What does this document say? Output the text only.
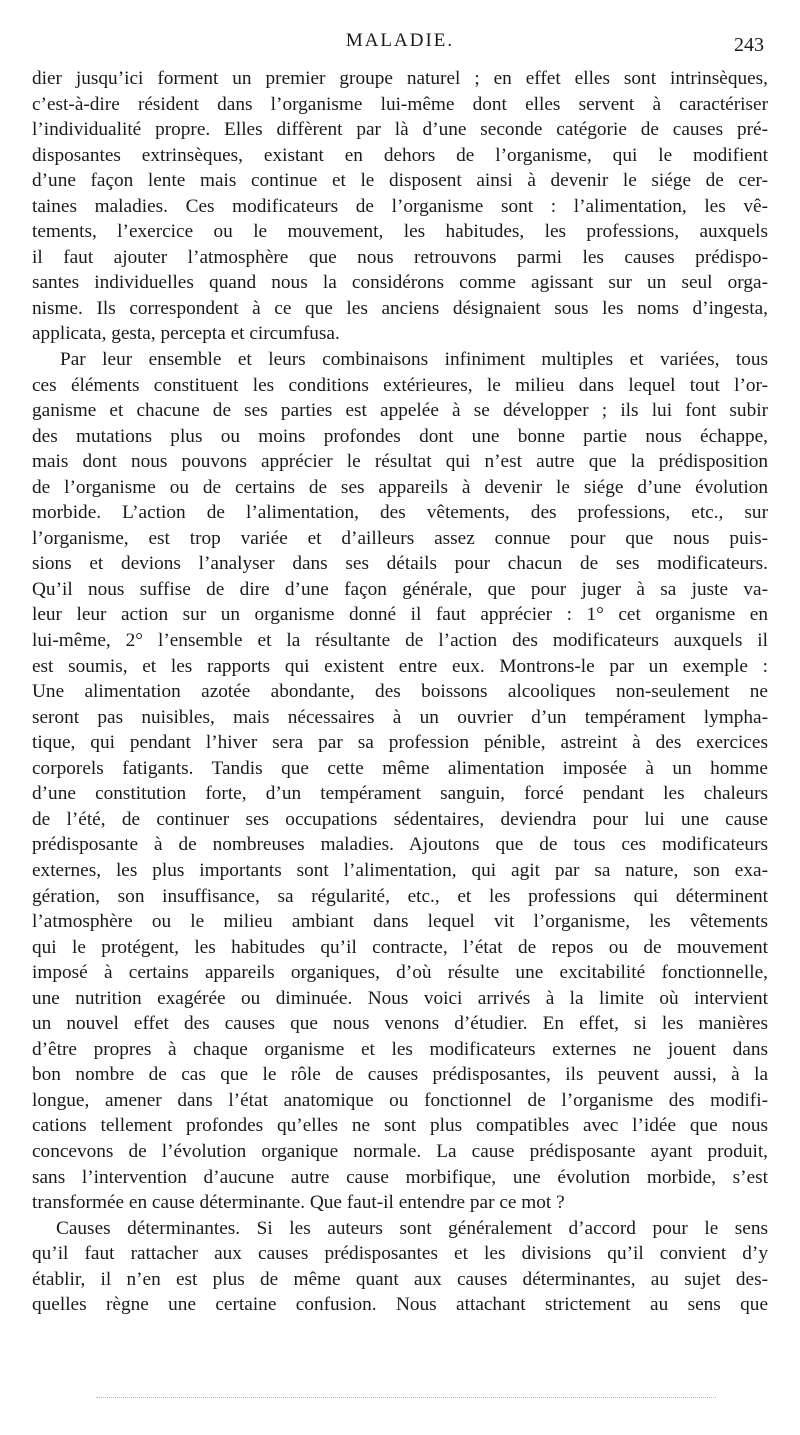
MALADIE.	243
dier jusqu’ici forment un premier groupe naturel ; en effet elles sont intrinsèques,
c’est-à-dire résident dans l’organisme lui-même dont elles servent à caractériser
l’individualité propre. Elles diffèrent par là d’une seconde catégorie de causes pré-
disposantes extrinsèques, existant en dehors de l’organisme, qui le modifient
d’une façon lente mais continue et le disposent ainsi à devenir le siége de cer-
taines maladies. Ces modificateurs de l’organisme sont : l’alimentation, les vê-
tements, l’exercice ou le mouvement, les habitudes, les professions, auxquels
il faut ajouter l’atmosphère que nous retrouvons parmi les causes prédispo-
santes individuelles quand nous la considérons comme agissant sur un seul orga-
nisme. Ils correspondent à ce que les anciens désignaient sous les noms d’ingesta,
applicata, gesta, percepta et circumfusa.
Par leur ensemble et leurs combinaisons infiniment multiples et variées, tous
ces éléments constituent les conditions extérieures, le milieu dans lequel tout l’or-
ganisme et chacune de ses parties est appelée à se développer ; ils lui font subir
des mutations plus ou moins profondes dont une bonne partie nous échappe,
mais dont nous pouvons apprécier le résultat qui n’est autre que la prédisposition
de l’organisme ou de certains de ses appareils à devenir le siége d’une évolution
morbide. L’action de l’alimentation, des vêtements, des professions, etc., sur
l’organisme, est trop variée et d’ailleurs assez connue pour que nous puis-
sions et devions l’analyser dans ses détails pour chacun de ses modificateurs.
Qu’il nous suffise de dire d’une façon générale, que pour juger à sa juste va-
leur leur action sur un organisme donné il faut apprécier : 1° cet organisme en
lui-même, 2° l’ensemble et la résultante de l’action des modificateurs auxquels il
est soumis, et les rapports qui existent entre eux. Montrons-le par un exemple :
Une alimentation azotée abondante, des boissons alcooliques non-seulement ne
seront pas nuisibles, mais nécessaires à un ouvrier d’un tempérament lympha-
tique, qui pendant l’hiver sera par sa profession pénible, astreint à des exercices
corporels fatigants. Tandis que cette même alimentation imposée à un homme
d’une constitution forte, d’un tempérament sanguin, forcé pendant les chaleurs
de l’été, de continuer ses occupations sédentaires, deviendra pour lui une cause
prédisposante à de nombreuses maladies. Ajoutons que de tous ces modificateurs
externes, les plus importants sont l’alimentation, qui agit par sa nature, son exa-
gération, son insuffisance, sa régularité, etc., et les professions qui déterminent
l’atmosphère ou le milieu ambiant dans lequel vit l’organisme, les vêtements
qui le protégent, les habitudes qu’il contracte, l’état de repos ou de mouvement
imposé à certains appareils organiques, d’où résulte une excitabilité fonctionnelle,
une nutrition exagérée ou diminuée. Nous voici arrivés à la limite où intervient
un nouvel effet des causes que nous venons d’étudier. En effet, si les manières
d’être propres à chaque organisme et les modificateurs externes ne jouent dans
bon nombre de cas que le rôle de causes prédisposantes, ils peuvent aussi, à la
longue, amener dans l’état anatomique ou fonctionnel de l’organisme des modifi-
cations tellement profondes qu’elles ne sont plus compatibles avec l’idée que nous
concevons de l’évolution organique normale. La cause prédisposante ayant produit,
sans l’intervention d’aucune autre cause morbifique, une évolution morbide, s’est
transformée en cause déterminante. Que faut-il entendre par ce mot ?
Causes déterminantes. Si les auteurs sont généralement d’accord pour le sens
qu’il faut rattacher aux causes prédisposantes et les divisions qu’il convient d’y
établir, il n’en est plus de même quant aux causes déterminantes, au sujet des-
quelles règne une certaine confusion. Nous attachant strictement au sens que
